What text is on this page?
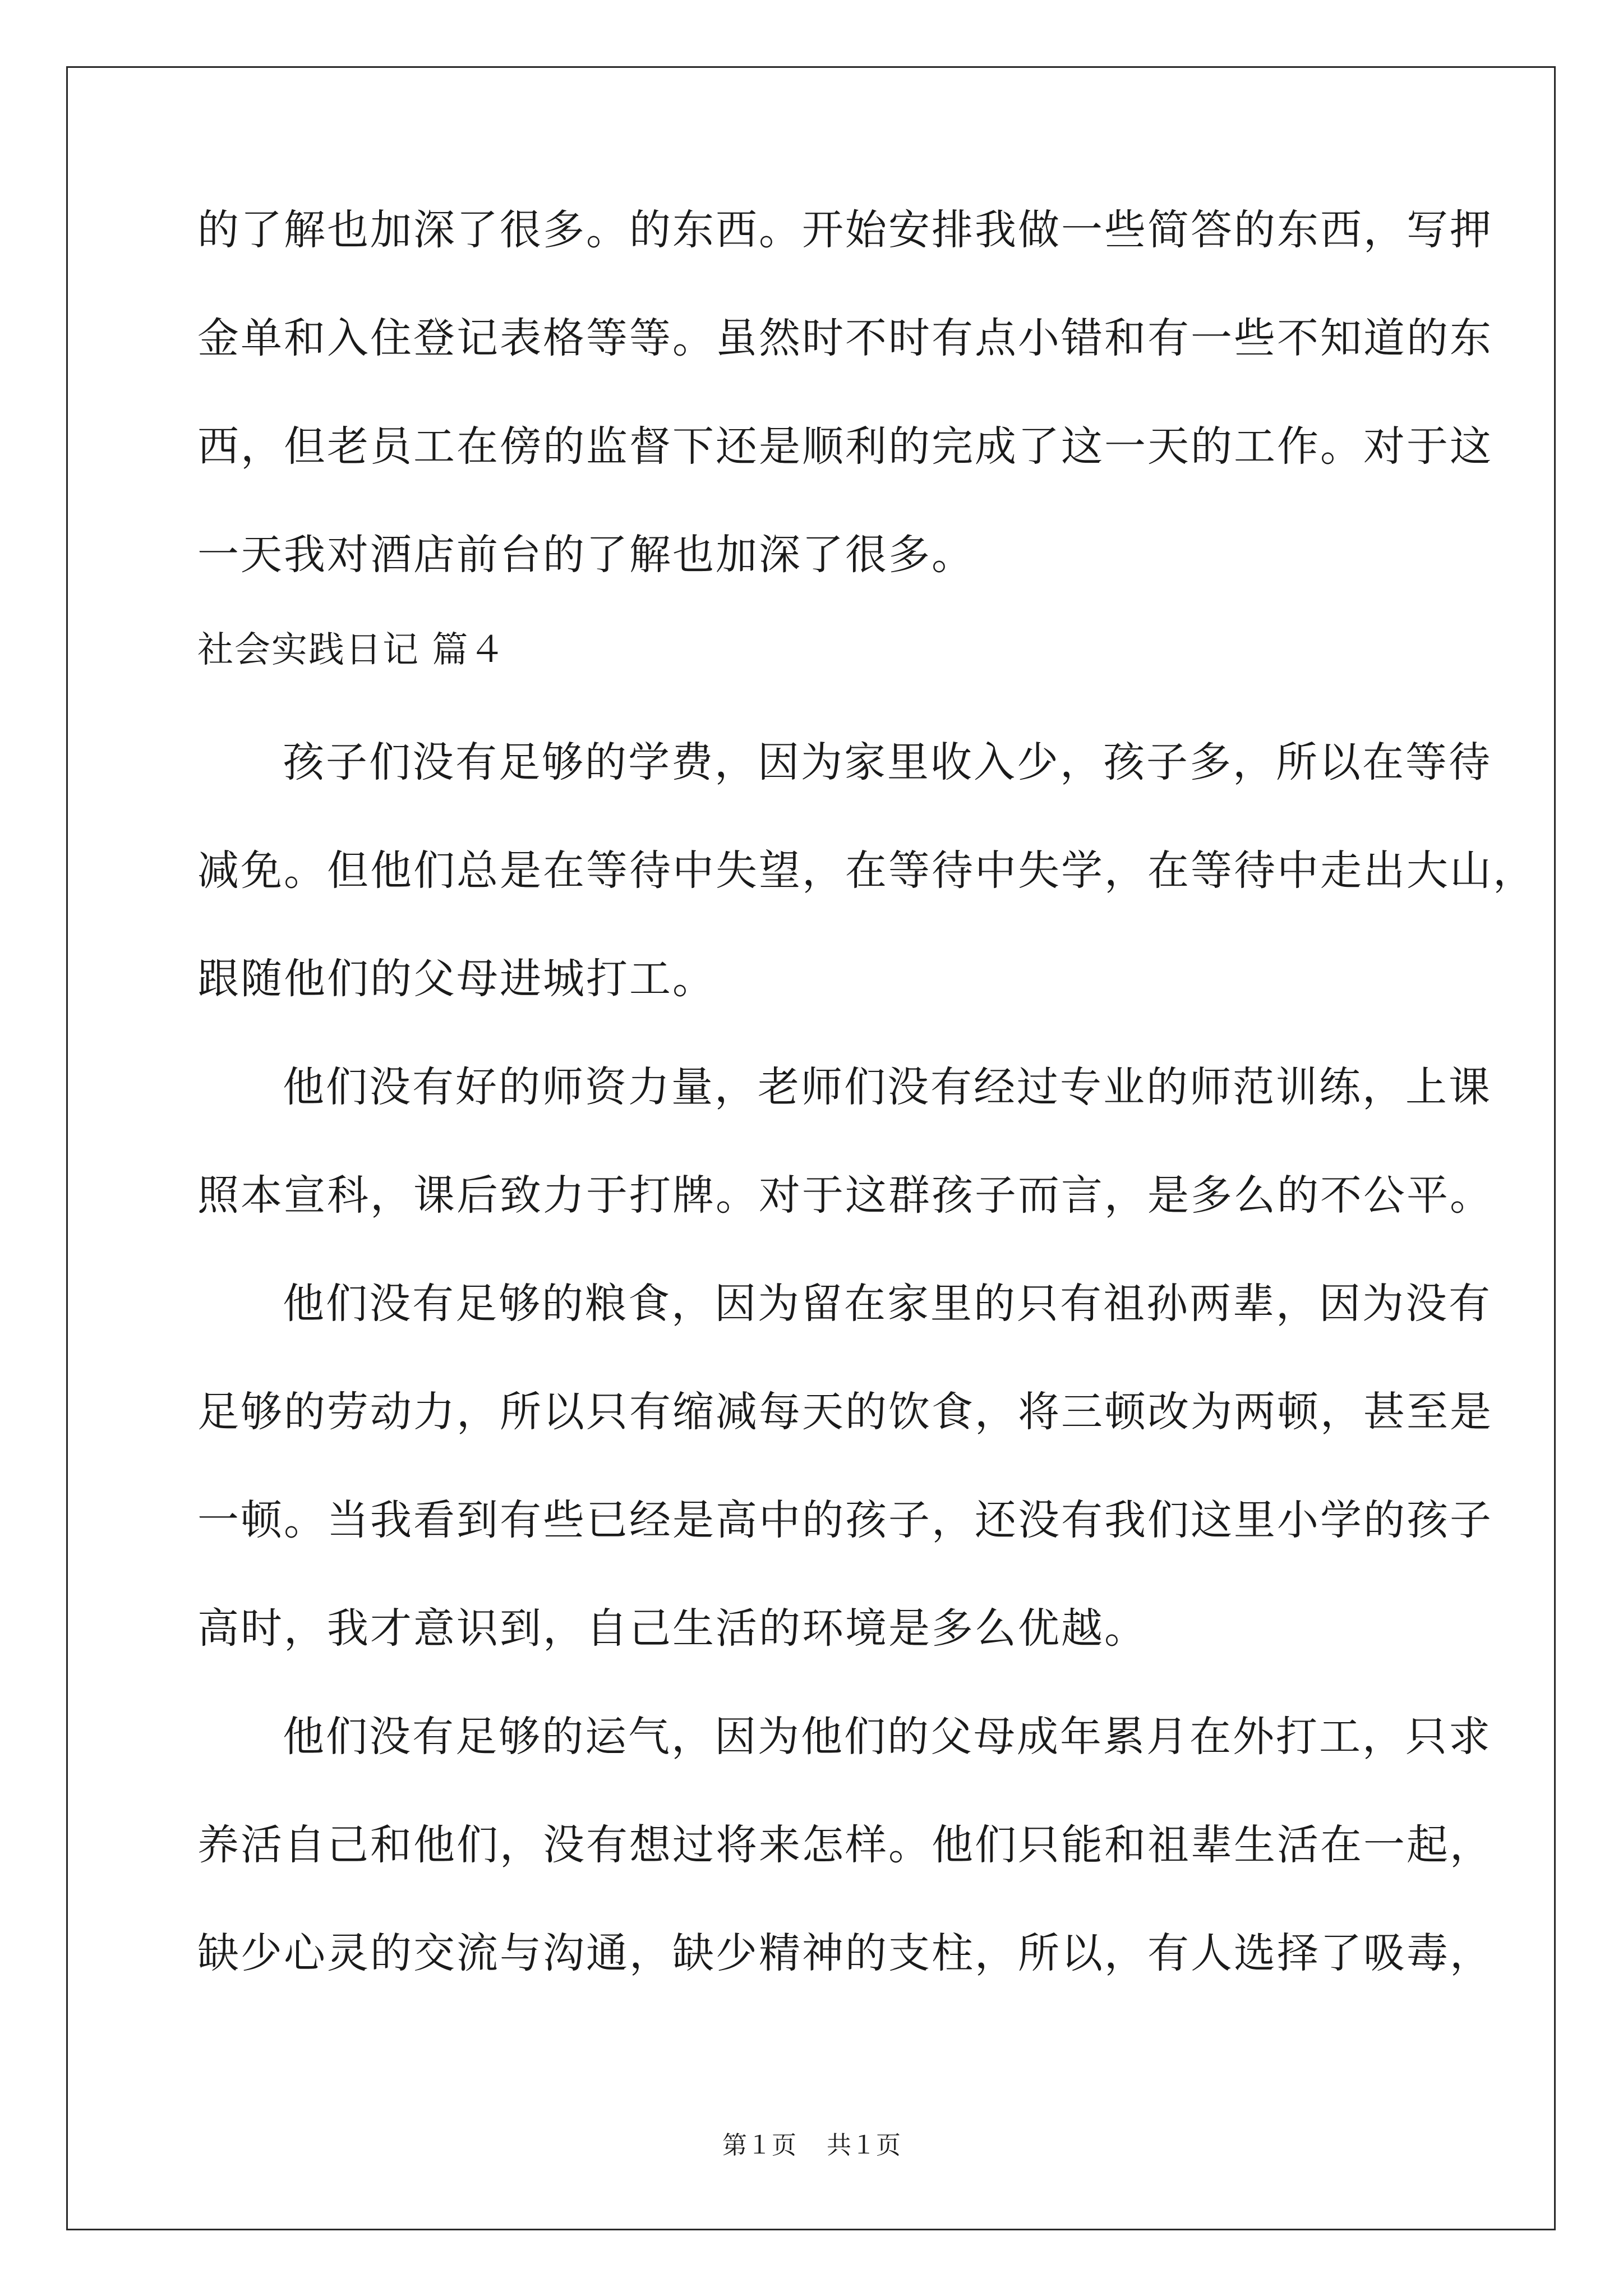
的了解也加深了很多。的东西。开始安排我做一些简答的东西，写押
金单和入住登记表格等等。虽然时不时有点小错和有一些不知道的东
西，但老员工在傍的监督下还是顺利的完成了这一天的工作。对于这
一天我对酒店前台的了解也加深了很多。
社会实践日记 篇４
孩子们没有足够的学费，因为家里收入少，孩子多，所以在等待
减免。但他们总是在等待中失望，在等待中失学，在等待中走出大山，
跟随他们的父母进城打工。
他们没有好的师资力量，老师们没有经过专业的师范训练，上课
照本宣科，课后致力于打牌。对于这群孩子而言，是多么的不公平。
他们没有足够的粮食，因为留在家里的只有祖孙两辈，因为没有
足够的劳动力，所以只有缩减每天的饮食，将三顿改为两顿，甚至是
一顿。当我看到有些已经是高中的孩子，还没有我们这里小学的孩子
高时，我才意识到，自己生活的环境是多么优越。
他们没有足够的运气，因为他们的父母成年累月在外打工，只求
养活自己和他们，没有想过将来怎样。他们只能和祖辈生活在一起，
缺少心灵的交流与沟通，缺少精神的支柱，所以，有人选择了吸毒，
第１页 共１页
